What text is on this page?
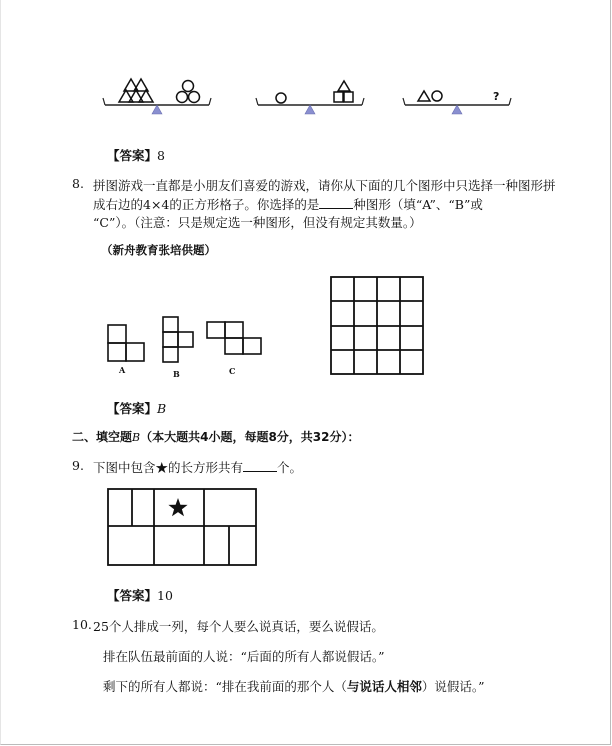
?
【答案】8
8. 拼图游戏一直都是小朋友们喜爱的游戏，请你从下面的几个图形中只选择一种图形拼
成右边的4×4的正方形格子。你选择的是	种图形（填“A”、“B”或
“C”）。（注意：只是规定选一种图形，但没有规定其数量。）
（新舟教育张培供题）
A	B	C
【答案】B
二、填空题B（本大题共4小题，每题8分，共32分）：
9. 下图中包含★的长方形共有	个。
【答案】10
10. 25个人排成一列，每个人要么说真话，要么说假话。
排在队伍最前面的人说：“后面的所有人都说假话。”
剩下的所有人都说：“排在我前面的那个人（与说话人相邻）说假话。”
